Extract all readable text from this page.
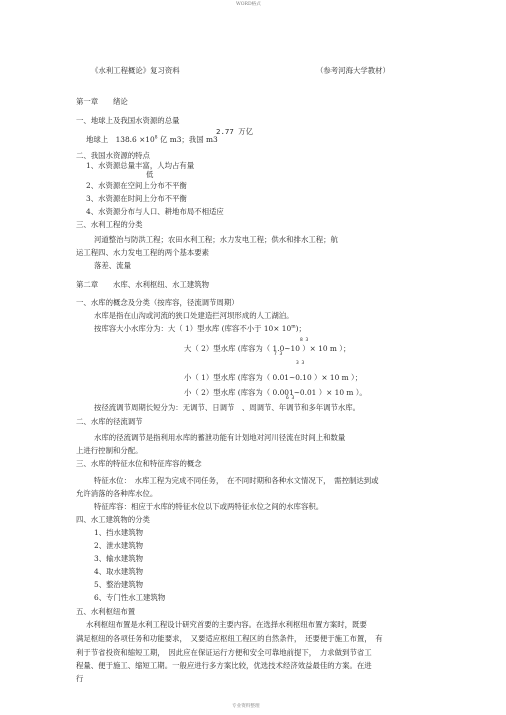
WORD格式
专业资料整理
《水利工程概论》复习资料	（参考河海大学教材）
第一章　　绪论
一、地球上及我国水资源的总量
2.77 万亿
地球上　$138.6 \times 10^8$ 亿 m3；我国 m3
二、我国水资源的特点
1、水资源总量丰富，人均占有量
低
2、水资源在空间上分布不平衡
3、水资源在时间上分布不平衡
4、水资源分布与人口、耕地布局不相适应
三、水利工程的分类
河道整治与防洪工程；农田水利工程；水力发电工程；供水和排水工程；航
运工程四、水力发电工程的两个基本要素
落差、流量
第二章　　水库、水利枢纽、水工建筑物
一、水库的概念及分类（按库容，径流调节周期）
水库是指在山沟或河流的狭口处建造拦河坝形成的人工湖泊。
按库容大小水库分为：大（ 1）型水库 (库容不小于 $10\times 10^m$)；
8 3
大（ 2）型水库 (库容为（ 1.0~10 ）× 10 m ）；
7 3
3 3
小（ 1）型水库 (库容为（ 0.01~0.10 ）× 10 m ）；
小（ 2）型水库 (库容为（ 0.001~0.01 ）× 10 m ）。
6 3
按径流调节周期长短分为：无调节、日调节　、周调节、年调节和多年调节水库。
二、水库的径流调节
水库的径流调节是指利用水库的蓄泄功能有计划地对河川径流在时间上和数量
上进行控制和分配。
三、水库的特征水位和特征库容的概念
特征水位：　水库工程为完成不同任务，　在不同时期和各种水文情况下，　需控制达到或
允许消落的各种库水位。
特征库容：相应于水库的特征水位以下或两特征水位之间的水库容积。
四、水工建筑物的分类
1、挡水建筑物
2、泄水建筑物
3、输水建筑物
4、取水建筑物
5、整治建筑物
6、专门性水工建筑物
五、水利枢纽布置
水利枢纽布置是水利工程设计研究首要的主要内容。在选择水利枢纽布置方案时，既要
满足枢纽的各项任务和功能要求，　又要适应枢纽工程区的自然条件，　还要便于施工布置，　有
利于节省投资和缩短工期，　因此应在保证运行方便和安全可靠地前提下，　力求做到节省工
程量、便于施工、缩短工期。一般应进行多方案比较，优选技术经济效益最佳的方案。在进
行
